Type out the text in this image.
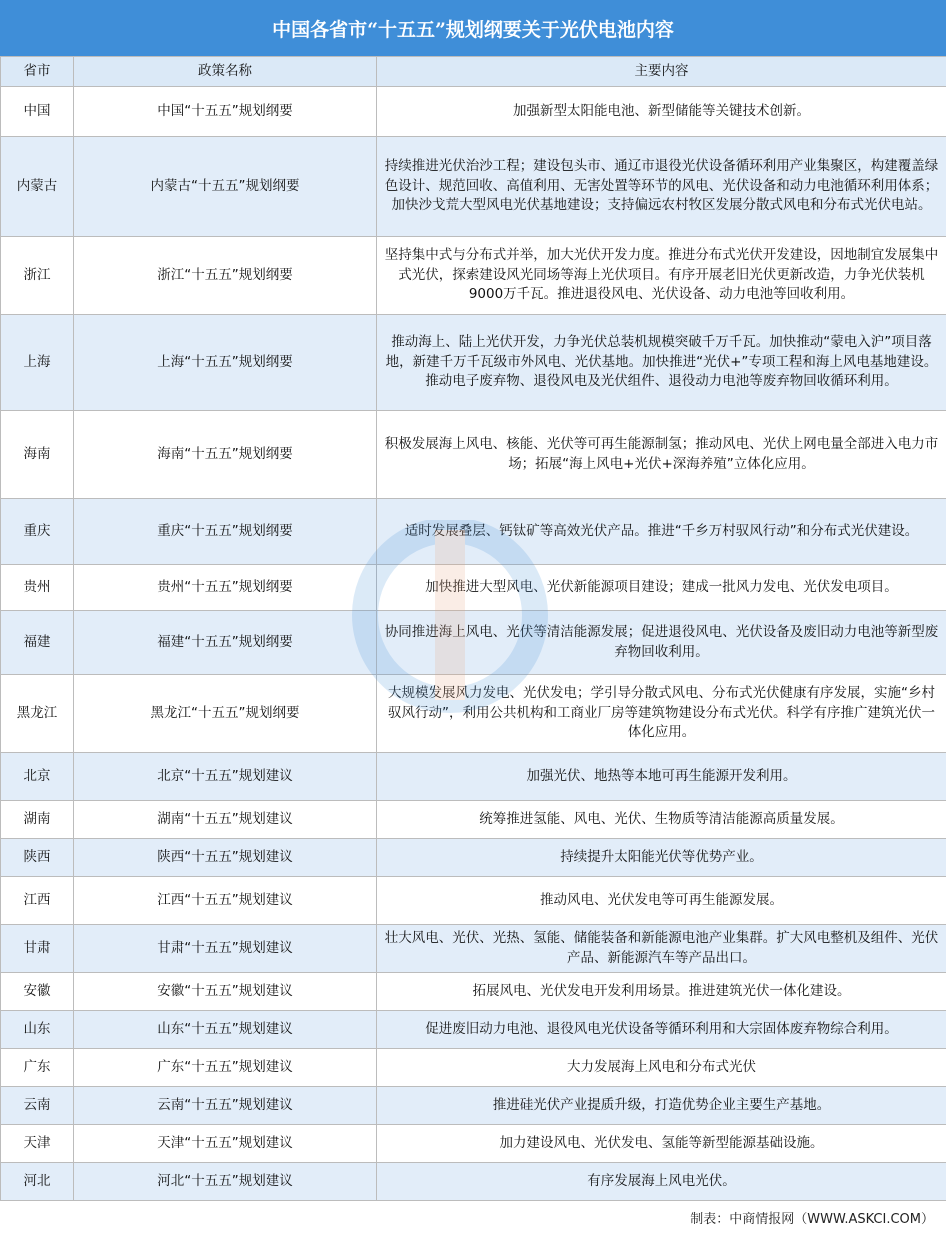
中国各省市“十五五”规划纲要关于光伏电池内容
省市	政策名称	主要内容
中国	中国“十五五”规划纲要	加强新型太阳能电池、新型储能等关键技术创新。
内蒙古	内蒙古“十五五”规划纲要	持续推进光伏治沙工程；建设包头市、通辽市退役光伏设备循环利用产业集聚区，构建覆盖绿色设计、规范回收、高值利用、无害处置等环节的风电、光伏设备和动力电池循环利用体系；加快沙戈荒大型风电光伏基地建设；支持偏远农村牧区发展分散式风电和分布式光伏电站。
浙江	浙江“十五五”规划纲要	坚持集中式与分布式并举，加大光伏开发力度。推进分布式光伏开发建设，因地制宜发展集中式光伏，探索建设风光同场等海上光伏项目。有序开展老旧光伏更新改造，力争光伏装机9000万千瓦。推进退役风电、光伏设备、动力电池等回收利用。
上海	上海“十五五”规划纲要	推动海上、陆上光伏开发，力争光伏总装机规模突破千万千瓦。加快推动“蒙电入沪”项目落地，新建千万千瓦级市外风电、光伏基地。加快推进“光伏+”专项工程和海上风电基地建设。推动电子废弃物、退役风电及光伏组件、退役动力电池等废弃物回收循环利用。
海南	海南“十五五”规划纲要	积极发展海上风电、核能、光伏等可再生能源制氢；推动风电、光伏上网电量全部进入电力市场；拓展“海上风电+光伏+深海养殖”立体化应用。
重庆	重庆“十五五”规划纲要	适时发展叠层、钙钛矿等高效光伏产品。推进“千乡万村驭风行动”和分布式光伏建设。
贵州	贵州“十五五”规划纲要	加快推进大型风电、光伏新能源项目建设；建成一批风力发电、光伏发电项目。
福建	福建“十五五”规划纲要	协同推进海上风电、光伏等清洁能源发展；促进退役风电、光伏设备及废旧动力电池等新型废弃物回收利用。
黑龙江	黑龙江“十五五”规划纲要	大规模发展风力发电、光伏发电；学引导分散式风电、分布式光伏健康有序发展，实施“乡村驭风行动”，利用公共机构和工商业厂房等建筑物建设分布式光伏。科学有序推广建筑光伏一体化应用。
北京	北京“十五五”规划建议	加强光伏、地热等本地可再生能源开发利用。
湖南	湖南“十五五”规划建议	统筹推进氢能、风电、光伏、生物质等清洁能源高质量发展。
陕西	陕西“十五五”规划建议	持续提升太阳能光伏等优势产业。
江西	江西“十五五”规划建议	推动风电、光伏发电等可再生能源发展。
甘肃	甘肃“十五五”规划建议	壮大风电、光伏、光热、氢能、储能装备和新能源电池产业集群。扩大风电整机及组件、光伏产品、新能源汽车等产品出口。
安徽	安徽“十五五”规划建议	拓展风电、光伏发电开发利用场景。推进建筑光伏一体化建设。
山东	山东“十五五”规划建议	促进废旧动力电池、退役风电光伏设备等循环利用和大宗固体废弃物综合利用。
广东	广东“十五五”规划建议	大力发展海上风电和分布式光伏
云南	云南“十五五”规划建议	推进硅光伏产业提质升级，打造优势企业主要生产基地。
天津	天津“十五五”规划建议	加力建设风电、光伏发电、氢能等新型能源基础设施。
河北	河北“十五五”规划建议	有序发展海上风电光伏。
制表：中商情报网（WWW.ASKCI.COM）
